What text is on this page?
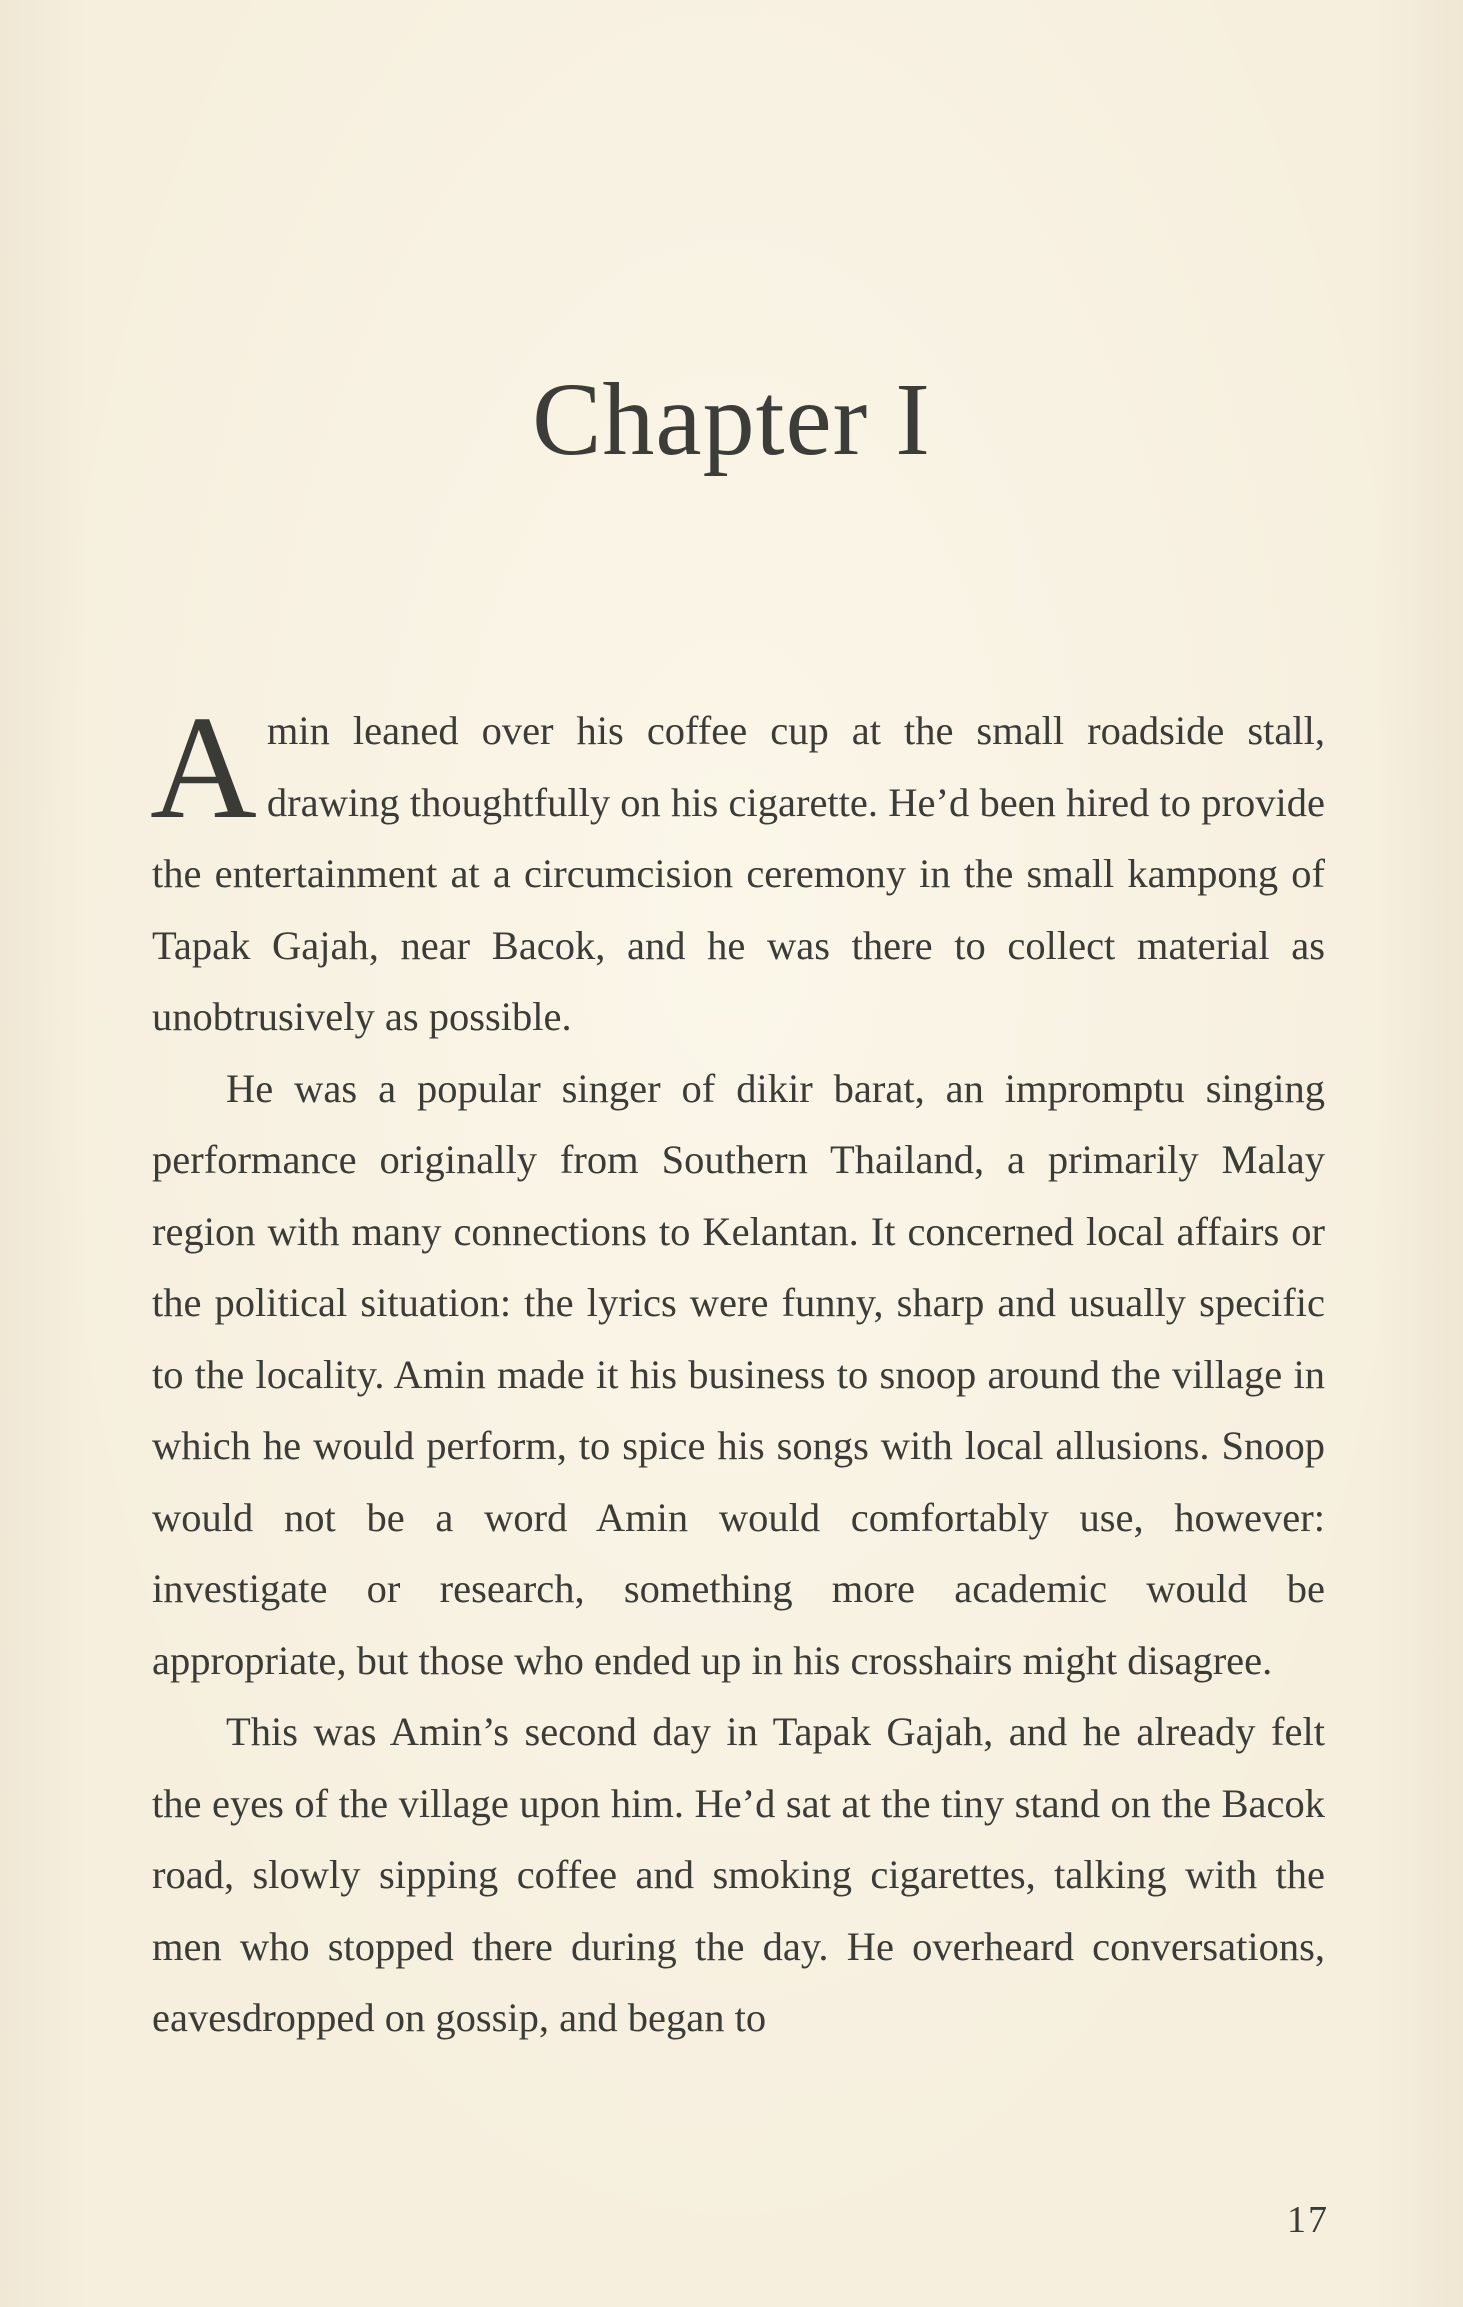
Chapter I

Amin leaned over his coffee cup at the small roadside stall, drawing thoughtfully on his cigarette. He’d been hired to provide the entertainment at a circumcision ceremony in the small kampong of Tapak Gajah, near Bacok, and he was there to collect material as unobtrusively as possible.

He was a popular singer of dikir barat, an impromptu singing performance originally from Southern Thailand, a primarily Malay region with many connections to Kelantan. It concerned local affairs or the political situation: the lyrics were funny, sharp and usually specific to the locality. Amin made it his business to snoop around the village in which he would perform, to spice his songs with local allusions. Snoop would not be a word Amin would comfortably use, however: investigate or research, something more academic would be appropriate, but those who ended up in his crosshairs might disagree.

This was Amin’s second day in Tapak Gajah, and he already felt the eyes of the village upon him. He’d sat at the tiny stand on the Bacok road, slowly sipping coffee and smoking cigarettes, talking with the men who stopped there during the day. He overheard conversations, eavesdropped on gossip, and began to

17
